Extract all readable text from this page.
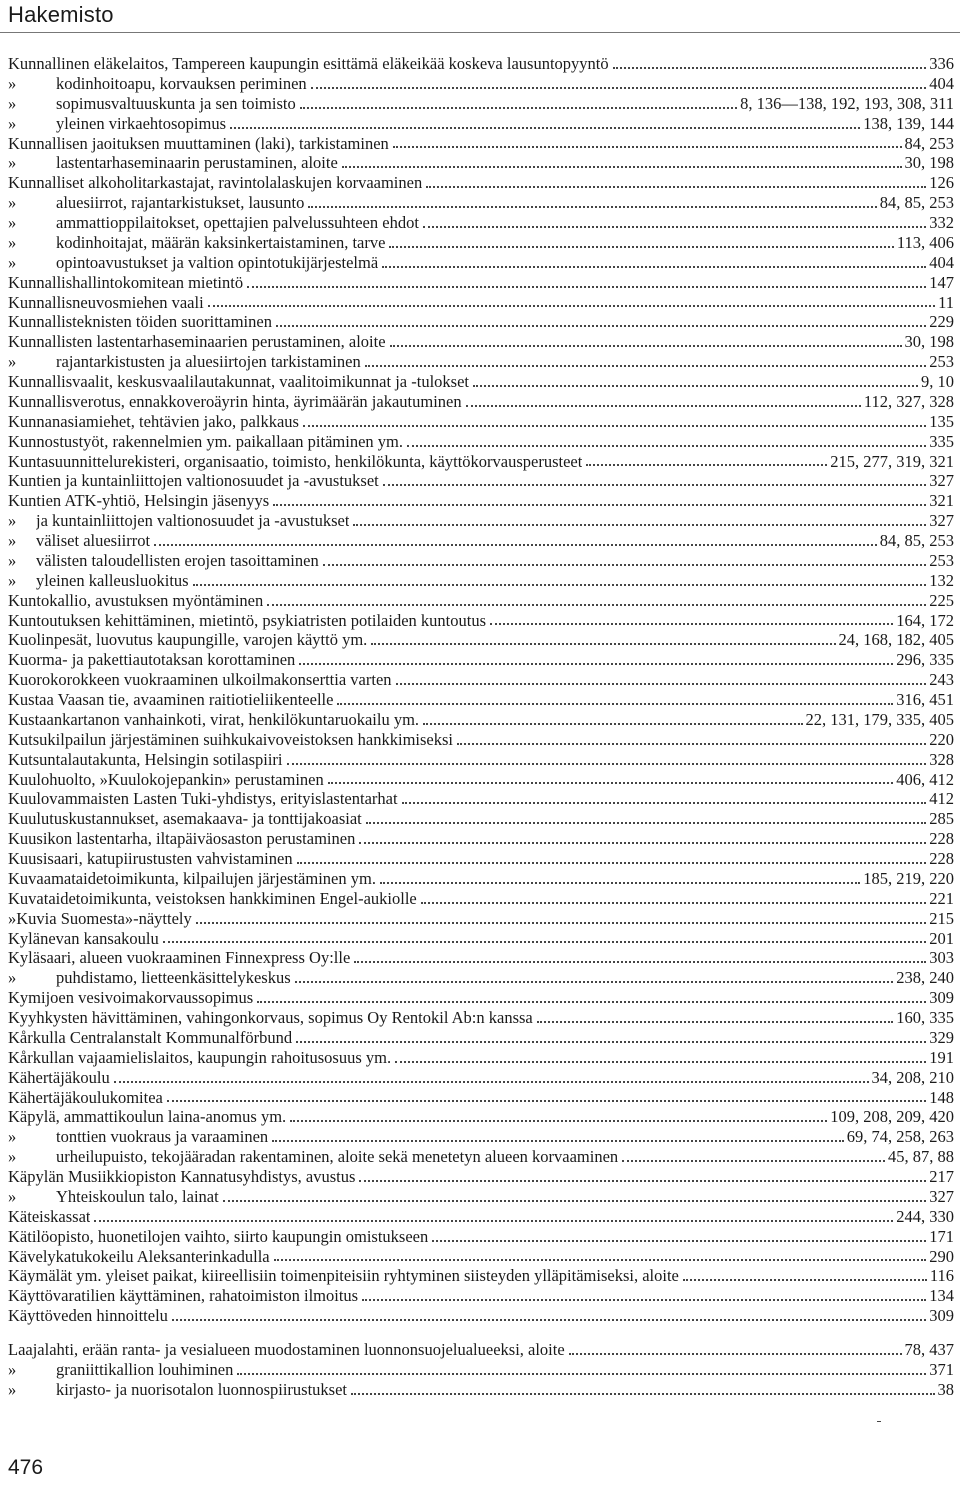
Hakemisto
Kunnallinen eläkelaitos, Tampereen kaupungin esittämä eläkeikää koskeva lausuntopyyntö	336
»	kodinhoitoapu, korvauksen periminen	404
»	sopimusvaltuuskunta ja sen toimisto	8, 136—138, 192, 193, 308, 311
»	yleinen virkaehtosopimus	138, 139, 144
Kunnallisen jaoituksen muuttaminen (laki), tarkistaminen	84, 253
»	lastentarhaseminaarin perustaminen, aloite	30, 198
Kunnalliset alkoholitarkastajat, ravintolalaskujen korvaaminen	126
»	aluesiirrot, rajantarkistukset, lausunto	84, 85, 253
»	ammattioppilaitokset, opettajien palvelussuhteen ehdot	332
»	kodinhoitajat, määrän kaksinkertaistaminen, tarve	113, 406
»	opintoavustukset ja valtion opintotukijärjestelmä	404
Kunnallishallintokomitean mietintö	147
Kunnallisneuvosmiehen vaali	11
Kunnallisteknisten töiden suorittaminen	229
Kunnallisten lastentarhaseminaarien perustaminen, aloite	30, 198
»	rajantarkistusten ja aluesiirtojen tarkistaminen	253
Kunnallisvaalit, keskusvaalilautakunnat, vaalitoimikunnat ja -tulokset	9, 10
Kunnallisverotus, ennakkoveroäyrin hinta, äyrimäärän jakautuminen	112, 327, 328
Kunnanasiamiehet, tehtävien jako, palkkaus	135
Kunnostustyöt, rakennelmien ym. paikallaan pitäminen ym.	335
Kuntasuunnittelurekisteri, organisaatio, toimisto, henkilökunta, käyttökorvausperusteet	215, 277, 319, 321
Kuntien ja kuntainliittojen valtionosuudet ja -avustukset	327
Kuntien ATK-yhtiö, Helsingin jäsenyys	321
»	ja kuntainliittojen valtionosuudet ja -avustukset	327
»	väliset aluesiirrot	84, 85, 253
»	välisten taloudellisten erojen tasoittaminen	253
»	yleinen kalleusluokitus	132
Kuntokallio, avustuksen myöntäminen	225
Kuntoutuksen kehittäminen, mietintö, psykiatristen potilaiden kuntoutus	164, 172
Kuolinpesät, luovutus kaupungille, varojen käyttö ym.	24, 168, 182, 405
Kuorma- ja pakettiautotaksan korottaminen	296, 335
Kuorokorokkeen vuokraaminen ulkoilmakonserttia varten	243
Kustaa Vaasan tie, avaaminen raitiotieliikenteelle	316, 451
Kustaankartanon vanhainkoti, virat, henkilökuntaruokailu ym.	22, 131, 179, 335, 405
Kutsukilpailun järjestäminen suihkukaivoveistoksen hankkimiseksi	220
Kutsuntalautakunta, Helsingin sotilaspiiri	328
Kuulohuolto, »Kuulokojepankin» perustaminen	406, 412
Kuulovammaisten Lasten Tuki-yhdistys, erityislastentarhat	412
Kuulutuskustannukset, asemakaava- ja tonttijakoasiat	285
Kuusikon lastentarha, iltapäiväosaston perustaminen	228
Kuusisaari, katupiirustusten vahvistaminen	228
Kuvaamataidetoimikunta, kilpailujen järjestäminen ym.	185, 219, 220
Kuvataidetoimikunta, veistoksen hankkiminen Engel-aukiolle	221
»Kuvia Suomesta»-näyttely	215
Kylänevan kansakoulu	201
Kyläsaari, alueen vuokraaminen Finnexpress Oy:lle	303
»	puhdistamo, lietteenkäsittelykeskus	238, 240
Kymijoen vesivoimakorvaussopimus	309
Kyyhkysten hävittäminen, vahingonkorvaus, sopimus Oy Rentokil Ab:n kanssa	160, 335
Kårkulla Centralanstalt Kommunalförbund	329
Kårkullan vajaamielislaitos, kaupungin rahoitusosuus ym.	191
Kähertäjäkoulu	34, 208, 210
Kähertäjäkoulukomitea	148
Käpylä, ammattikoulun laina-anomus ym.	109, 208, 209, 420
»	tonttien vuokraus ja varaaminen	69, 74, 258, 263
»	urheilupuisto, tekojääradan rakentaminen, aloite sekä menetetyn alueen korvaaminen	45, 87, 88
Käpylän Musiikkiopiston Kannatusyhdistys, avustus	217
»	Yhteiskoulun talo, lainat	327
Käteiskassat	244, 330
Kätilöopisto, huonetilojen vaihto, siirto kaupungin omistukseen	171
Kävelykatukokeilu Aleksanterinkadulla	290
Käymälät ym. yleiset paikat, kiireellisiin toimenpiteisiin ryhtyminen siisteyden ylläpitämiseksi, aloite	116
Käyttövaratilien käyttäminen, rahatoimiston ilmoitus	134
Käyttöveden hinnoittelu	309
Laajalahti, erään ranta- ja vesialueen muodostaminen luonnonsuojelualueeksi, aloite	78, 437
»	graniittikallion louhiminen	371
»	kirjasto- ja nuorisotalon luonnospiirustukset	38
476
